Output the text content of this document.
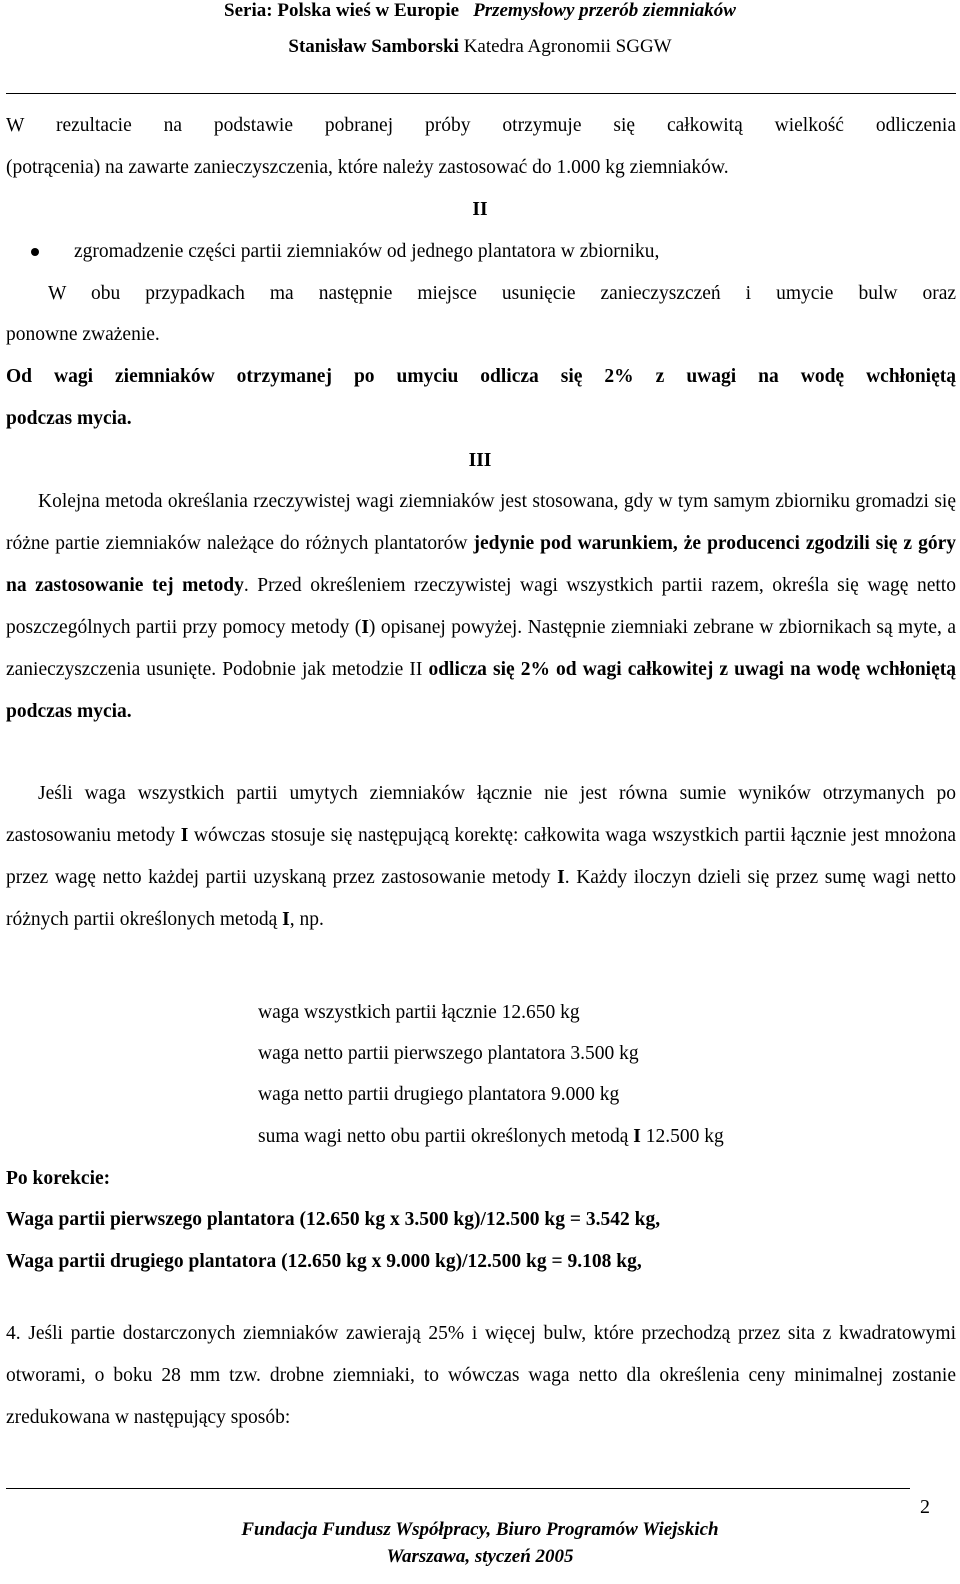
Seria: Polska wieś w Europie Przemysłowy przerób ziemniaków
Stanisław Samborski Katedra Agronomii SGGW
W rezultacie na podstawie pobranej próby otrzymuje się całkowitą wielkość odliczenia
(potrącenia) na zawarte zanieczyszczenia, które należy zastosować do 1.000 kg ziemniaków.
II
zgromadzenie części partii ziemniaków od jednego plantatora w zbiorniku,
W obu przypadkach ma następnie miejsce usunięcie zanieczyszczeń i umycie bulw oraz
ponowne zważenie.
Od wagi ziemniaków otrzymanej po umyciu odlicza się 2% z uwagi na wodę wchłoniętą
podczas mycia.
III
Kolejna metoda określania rzeczywistej wagi ziemniaków jest stosowana, gdy w tym samym zbiorniku gromadzi się różne partie ziemniaków należące do różnych plantatorów jedynie pod warunkiem, że producenci zgodzili się z góry na zastosowanie tej metody. Przed określeniem rzeczywistej wagi wszystkich partii razem, określa się wagę netto poszczególnych partii przy pomocy metody (I) opisanej powyżej. Następnie ziemniaki zebrane w zbiornikach są myte, a zanieczyszczenia usunięte. Podobnie jak metodzie II odlicza się 2% od wagi całkowitej z uwagi na wodę wchłoniętą podczas mycia.
Jeśli waga wszystkich partii umytych ziemniaków łącznie nie jest równa sumie wyników otrzymanych po zastosowaniu metody I wówczas stosuje się następującą korektę: całkowita waga wszystkich partii łącznie jest mnożona przez wagę netto każdej partii uzyskaną przez zastosowanie metody I. Każdy iloczyn dzieli się przez sumę wagi netto różnych partii określonych metodą I, np.
waga wszystkich partii łącznie 12.650 kg
waga netto partii pierwszego plantatora 3.500 kg
waga netto partii drugiego plantatora 9.000 kg
suma wagi netto obu partii określonych metodą I 12.500 kg
Po korekcie:
Waga partii pierwszego plantatora (12.650 kg x 3.500 kg)/12.500 kg = 3.542 kg,
Waga partii drugiego plantatora (12.650 kg x 9.000 kg)/12.500 kg = 9.108 kg,
4. Jeśli partie dostarczonych ziemniaków zawierają 25% i więcej bulw, które przechodzą przez sita z kwadratowymi otworami, o boku 28 mm tzw. drobne ziemniaki, to wówczas waga netto dla określenia ceny minimalnej zostanie zredukowana w następujący sposób:
2
Fundacja Fundusz Współpracy, Biuro Programów Wiejskich
Warszawa, styczeń 2005
